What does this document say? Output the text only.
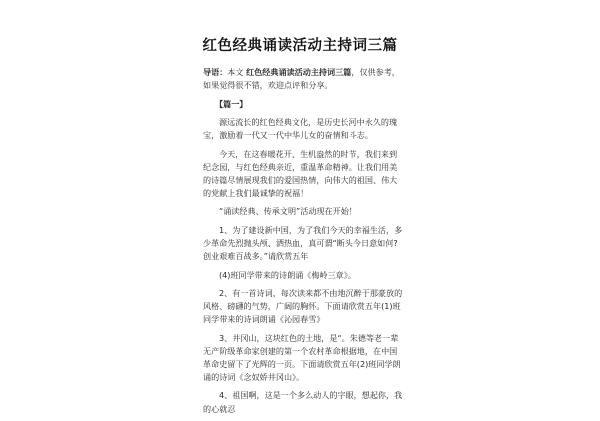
红色经典诵读活动主持词三篇

导语：本文 红色经典诵读活动主持词三篇，仅供参考，如果觉得很不错，欢迎点评和分享。

【篇一】

源远流长的红色经典文化，是历史长河中永久的瑰宝，激励着一代又一代中华儿女的奋情和斗志。

今天，在这春暖花开、生机盎然的时节，我们来到纪念园，与红色经典亲近，重温革命精神。让我们用美的诗篇尽情展现我们的爱国热情，向伟大的祖国、伟大的党献上我们最诚挚的祝福！

“诵读经典、传承文明”活动现在开始！

1、为了建设新中国，为了我们今天的幸福生活，多少革命先烈抛头颅、洒热血，真可谓“断头今日意如何?创业艰难百战多。”请欣赏五年

(4)班同学带来的诗朗诵《梅岭三章》。

2、有一首诗词，每次读来都不由地沉醉于那豪放的风格、磅礴的气势，广阔的胸怀。下面请欣赏五年(1)班同学带来的诗词朗诵《沁园春雪》

3、井冈山，这块红色的土地，是“。朱德等老一辈无产阶级革命家创建的第一个农村革命根据地，在中国革命史留下了光辉的一页。下面请欣赏五年(2)班同学朗诵的诗词《念奴娇井冈山》。

4、祖国啊，这是一个多么动人的字眼，想起你，我的心就忍
